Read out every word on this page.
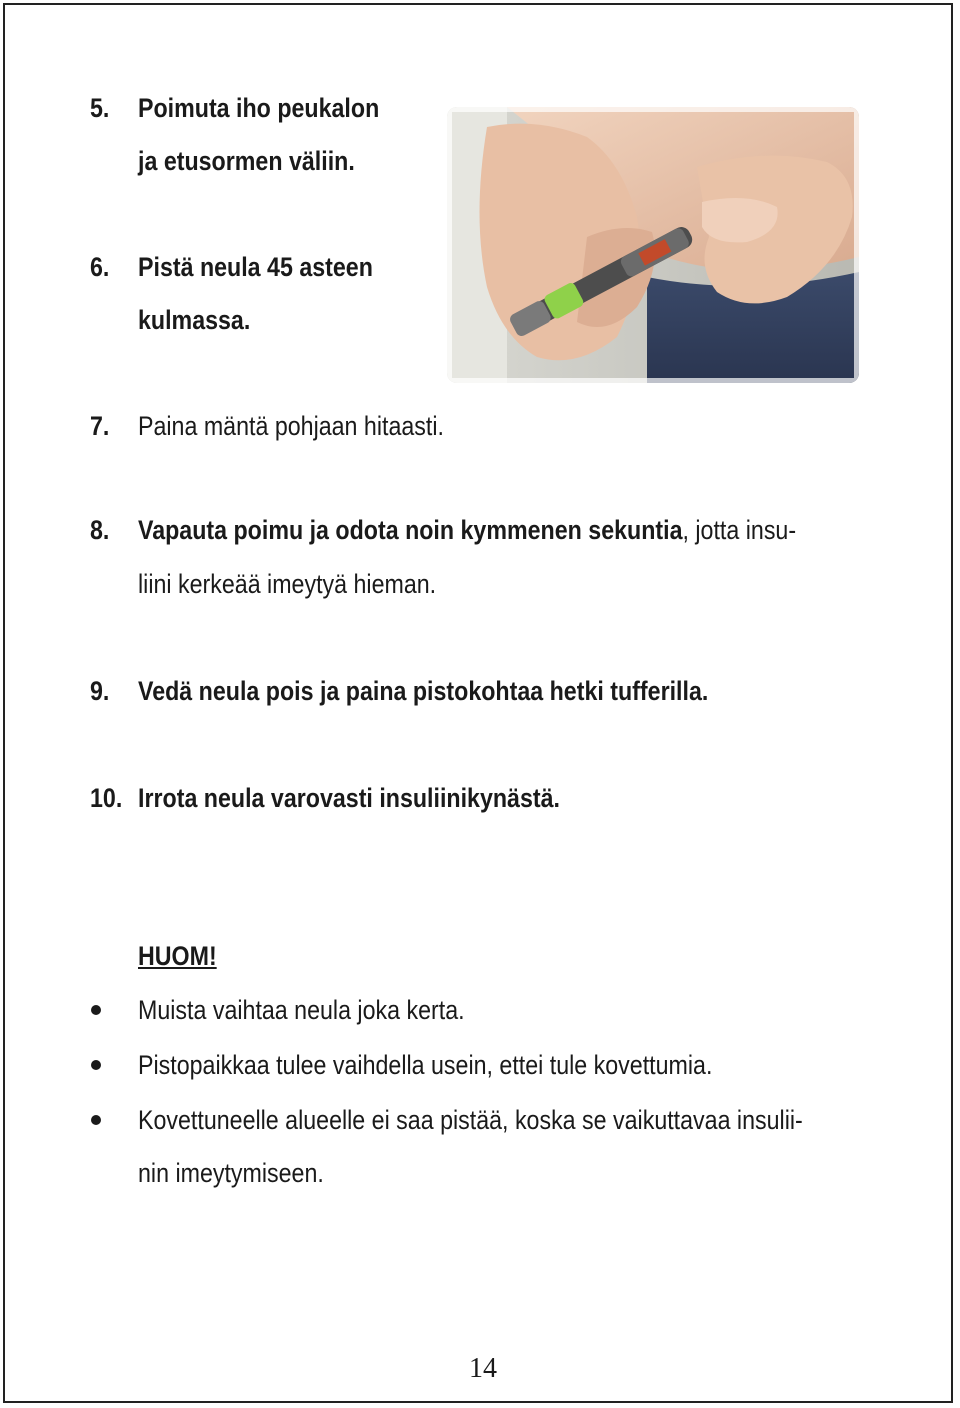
5. Poimuta iho peukalon
ja etusormen väliin.
6. Pistä neula 45 asteen
kulmassa.
7. Paina mäntä pohjaan hitaasti.
8. Vapauta poimu ja odota noin kymmenen sekuntia, jotta insu-
liini kerkeää imeytyä hieman.
9. Vedä neula pois ja paina pistokohtaa hetki tufferilla.
10. Irrota neula varovasti insuliinikynästä.
HUOM!
Muista vaihtaa neula joka kerta.
Pistopaikkaa tulee vaihdella usein, ettei tule kovettumia.
Kovettuneelle alueelle ei saa pistää, koska se vaikuttavaa insulii-
nin imeytymiseen.
14
